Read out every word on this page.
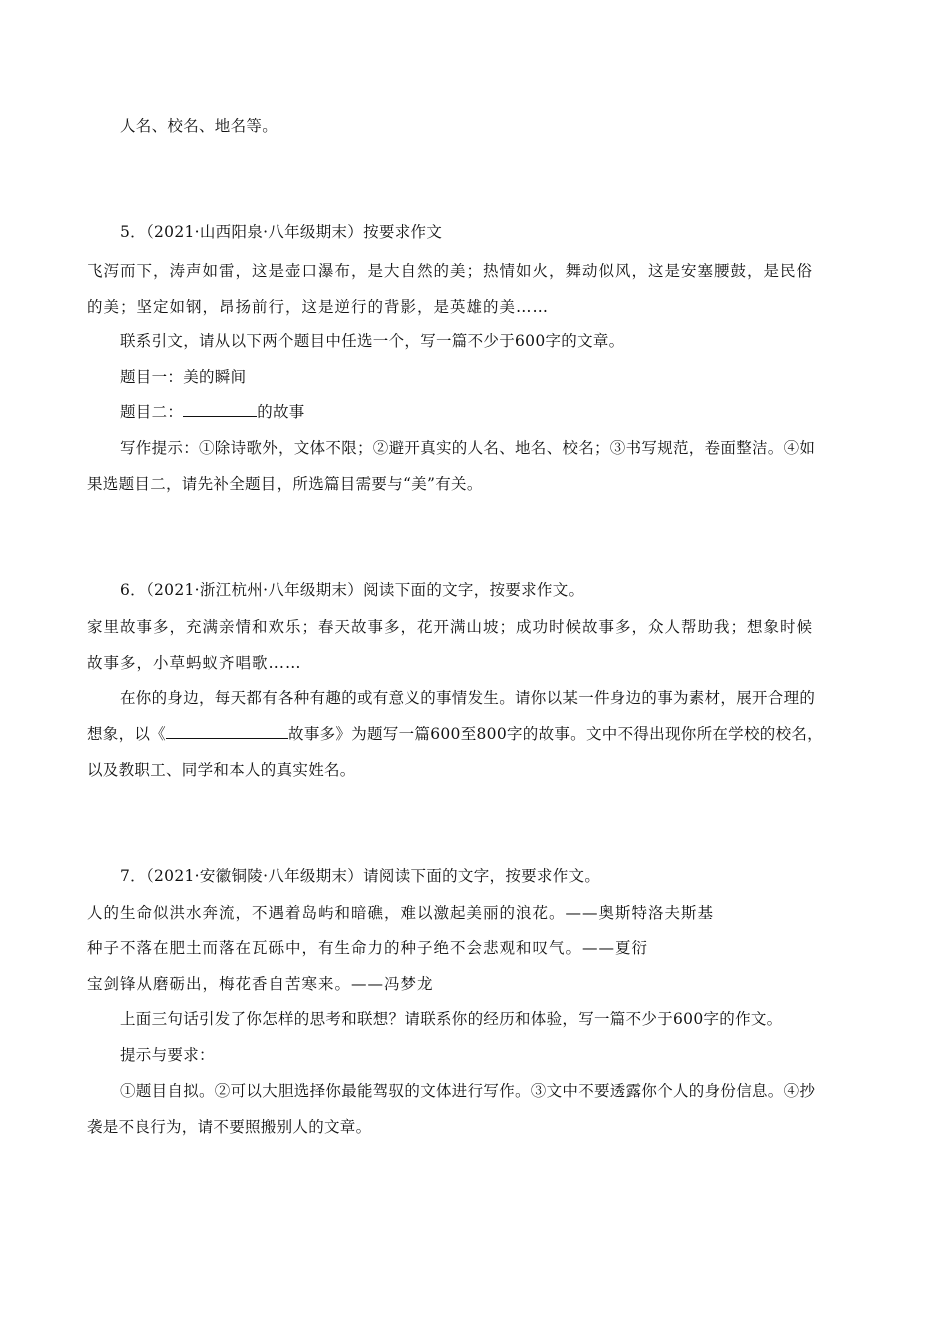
人名、校名、地名等。
5．（2021·山西阳泉·八年级期末）按要求作文
飞泻而下，涛声如雷，这是壶口瀑布，是大自然的美；热情如火，舞动似风，这是安塞腰鼓，是民俗
的美；坚定如钢，昂扬前行，这是逆行的背影，是英雄的美……
联系引文，请从以下两个题目中任选一个，写一篇不少于600字的文章。
题目一：美的瞬间
题目二：	的故事
写作提示：①除诗歌外，文体不限；②避开真实的人名、地名、校名；③书写规范，卷面整洁。④如
果选题目二，请先补全题目，所选篇目需要与“美”有关。
6．（2021·浙江杭州·八年级期末）阅读下面的文字，按要求作文。
家里故事多，充满亲情和欢乐；春天故事多，花开满山坡；成功时候故事多，众人帮助我；想象时候
故事多，小草蚂蚁齐唱歌……
在你的身边，每天都有各种有趣的或有意义的事情发生。请你以某一件身边的事为素材，展开合理的
想象，以《	故事多》为题写一篇600至800字的故事。文中不得出现你所在学校的校名，
以及教职工、同学和本人的真实姓名。
7．（2021·安徽铜陵·八年级期末）请阅读下面的文字，按要求作文。
人的生命似洪水奔流，不遇着岛屿和暗礁，难以激起美丽的浪花。——奥斯特洛夫斯基
种子不落在肥土而落在瓦砾中，有生命力的种子绝不会悲观和叹气。——夏衍
宝剑锋从磨砺出，梅花香自苦寒来。——冯梦龙
上面三句话引发了你怎样的思考和联想？请联系你的经历和体验，写一篇不少于600字的作文。
提示与要求：
①题目自拟。②可以大胆选择你最能驾驭的文体进行写作。③文中不要透露你个人的身份信息。④抄
袭是不良行为，请不要照搬别人的文章。
